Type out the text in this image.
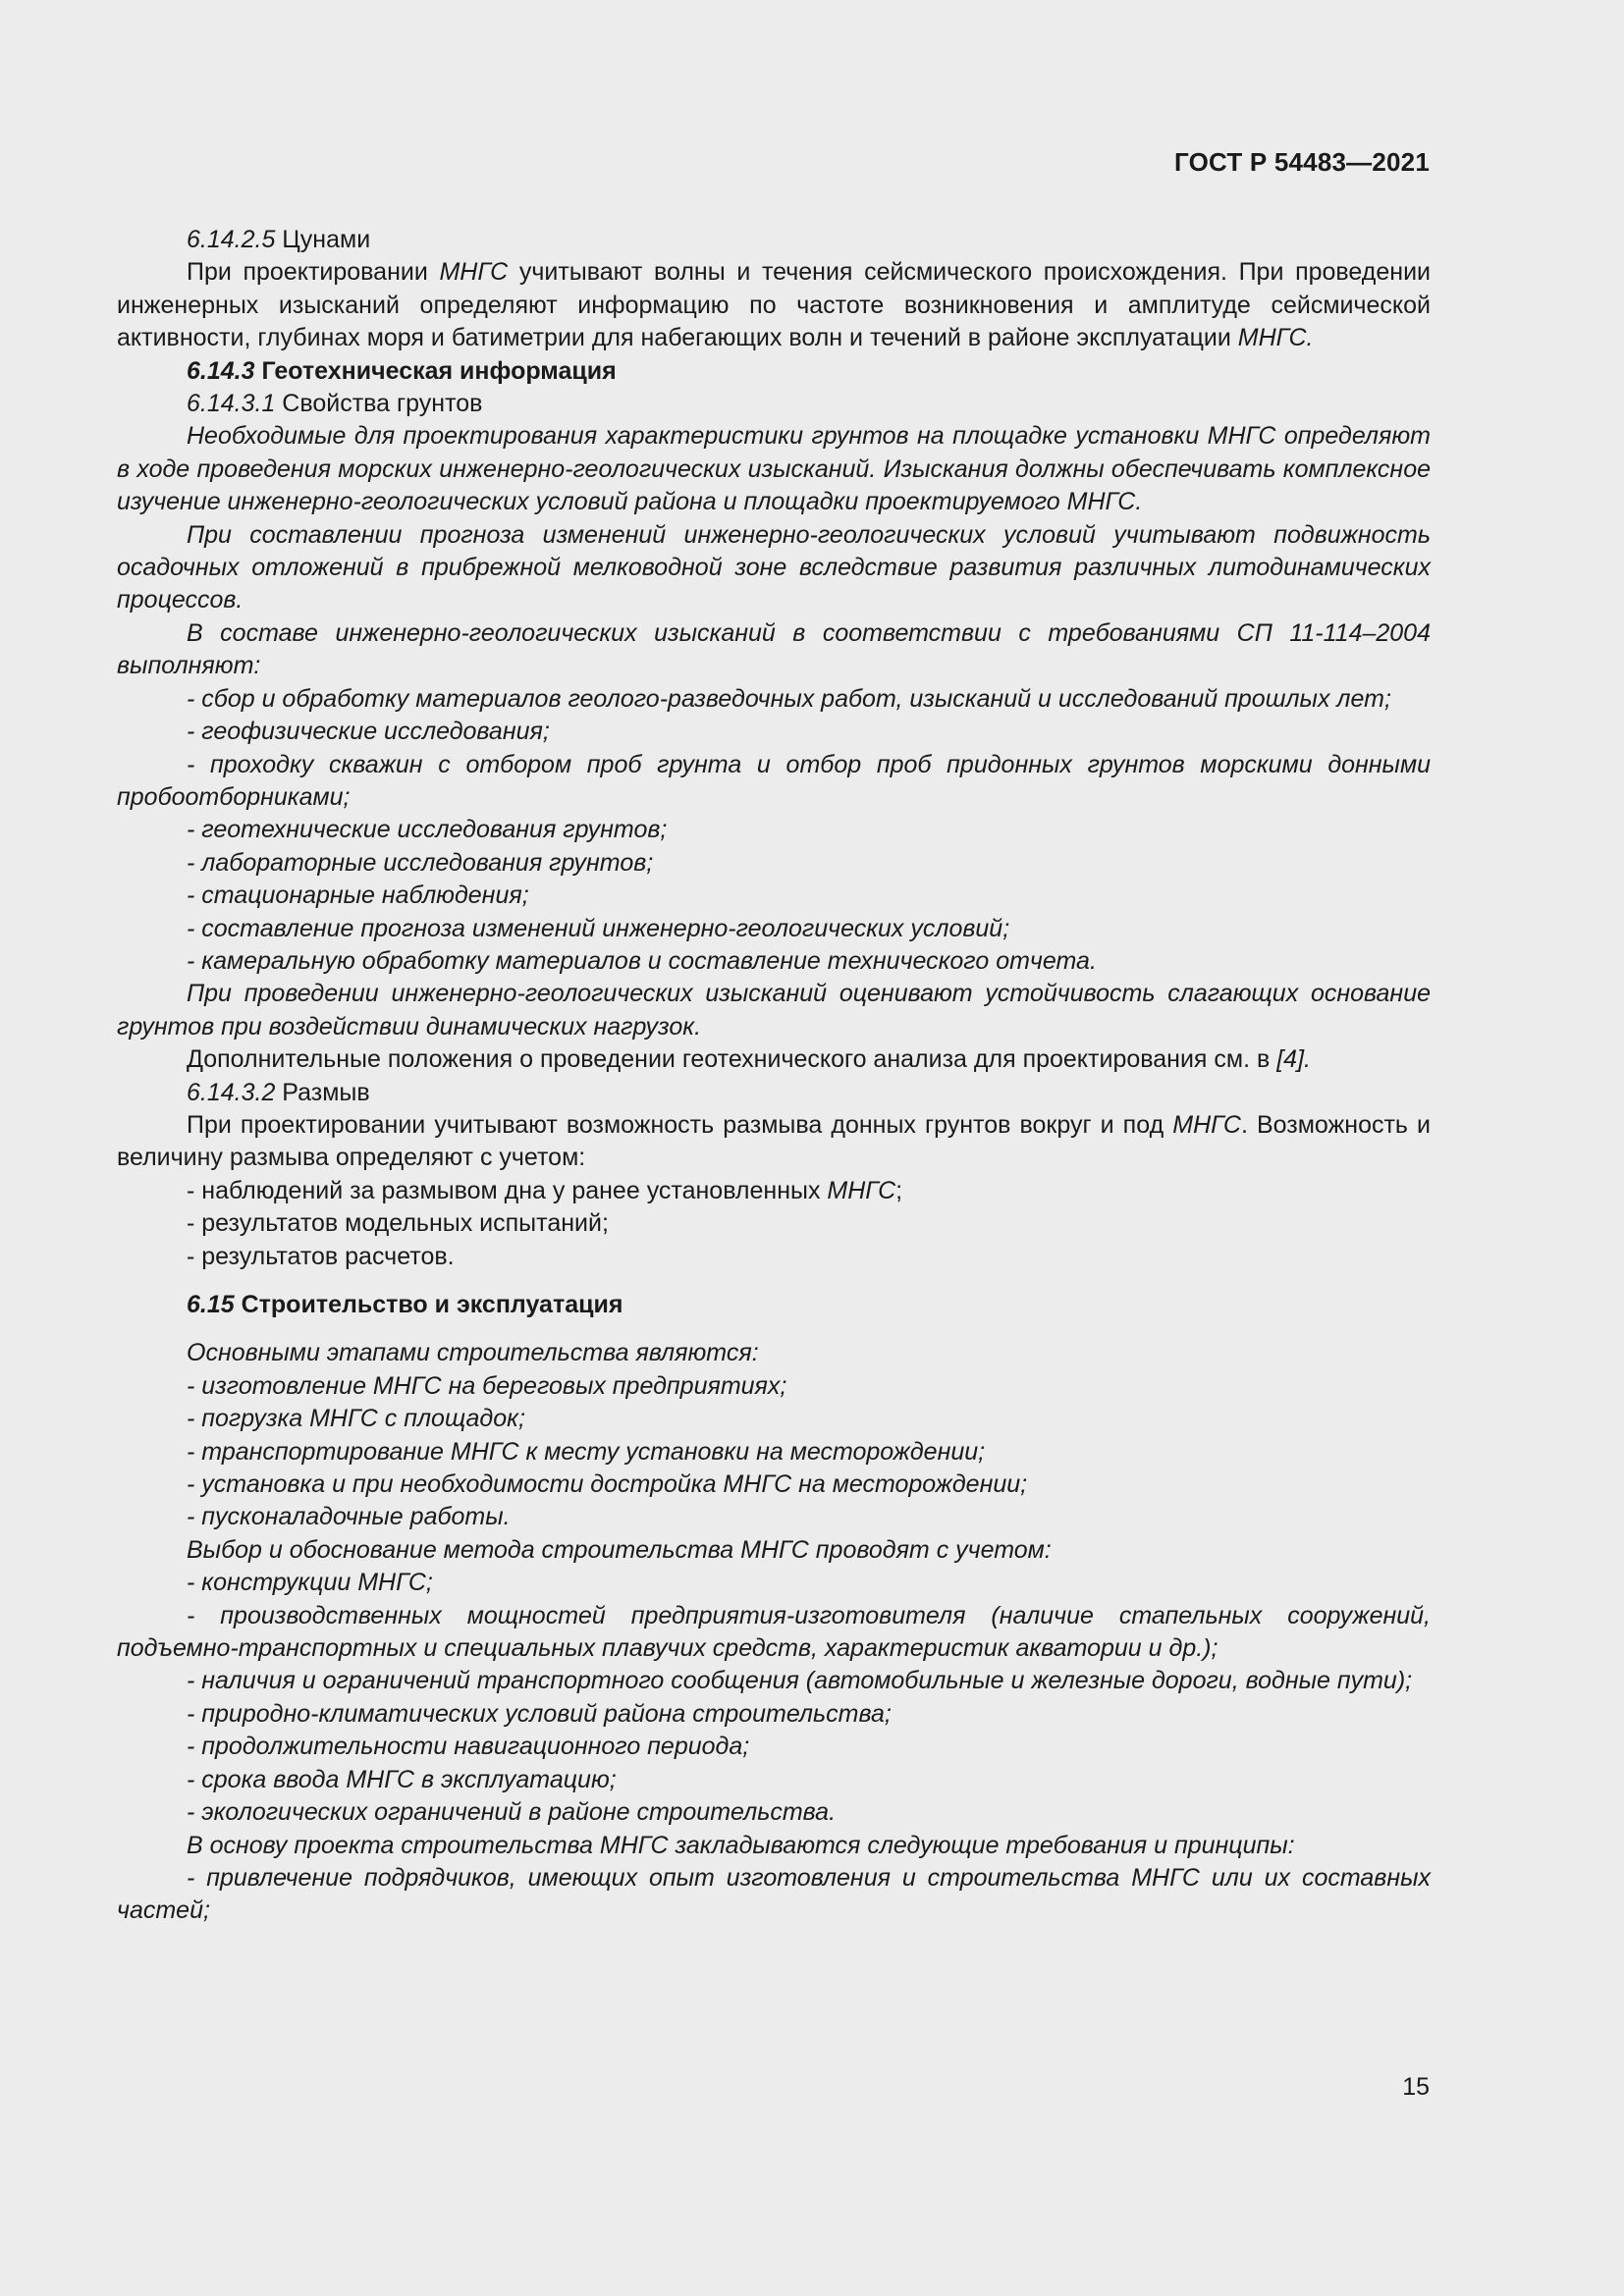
ГОСТ Р 54483—2021

6.14.2.5 Цунами

При проектировании МНГС учитывают волны и течения сейсмического происхождения. При проведении инженерных изысканий определяют информацию по частоте возникновения и амплитуде сейсмической активности, глубинах моря и батиметрии для набегающих волн и течений в районе эксплуатации МНГС.

6.14.3 Геотехническая информация

6.14.3.1 Свойства грунтов

Необходимые для проектирования характеристики грунтов на площадке установки МНГС определяют в ходе проведения морских инженерно-геологических изысканий. Изыскания должны обеспечивать комплексное изучение инженерно-геологических условий района и площадки проектируемого МНГС.

При составлении прогноза изменений инженерно-геологических условий учитывают подвижность осадочных отложений в прибрежной мелководной зоне вследствие развития различных литодинамических процессов.

В составе инженерно-геологических изысканий в соответствии с требованиями СП 11-114–2004 выполняют:

- сбор и обработку материалов геолого-разведочных работ, изысканий и исследований прошлых лет;

- геофизические исследования;

- проходку скважин с отбором проб грунта и отбор проб придонных грунтов морскими донными пробоотборниками;

- геотехнические исследования грунтов;

- лабораторные исследования грунтов;

- стационарные наблюдения;

- составление прогноза изменений инженерно-геологических условий;

- камеральную обработку материалов и составление технического отчета.

При проведении инженерно-геологических изысканий оценивают устойчивость слагающих основание грунтов при воздействии динамических нагрузок.

Дополнительные положения о проведении геотехнического анализа для проектирования см. в [4].

6.14.3.2 Размыв

При проектировании учитывают возможность размыва донных грунтов вокруг и под МНГС. Возможность и величину размыва определяют с учетом:

- наблюдений за размывом дна у ранее установленных МНГС;

- результатов модельных испытаний;

- результатов расчетов.

6.15 Строительство и эксплуатация

Основными этапами строительства являются:

- изготовление МНГС на береговых предприятиях;

- погрузка МНГС с площадок;

- транспортирование МНГС к месту установки на месторождении;

- установка и при необходимости достройка МНГС на месторождении;

- пусконаладочные работы.

Выбор и обоснование метода строительства МНГС проводят с учетом:

- конструкции МНГС;

- производственных мощностей предприятия-изготовителя (наличие стапельных сооружений, подъемно-транспортных и специальных плавучих средств, характеристик акватории и др.);

- наличия и ограничений транспортного сообщения (автомобильные и железные дороги, водные пути);

- природно-климатических условий района строительства;

- продолжительности навигационного периода;

- срока ввода МНГС в эксплуатацию;

- экологических ограничений в районе строительства.

В основу проекта строительства МНГС закладываются следующие требования и принципы:

- привлечение подрядчиков, имеющих опыт изготовления и строительства МНГС или их составных частей;

15
